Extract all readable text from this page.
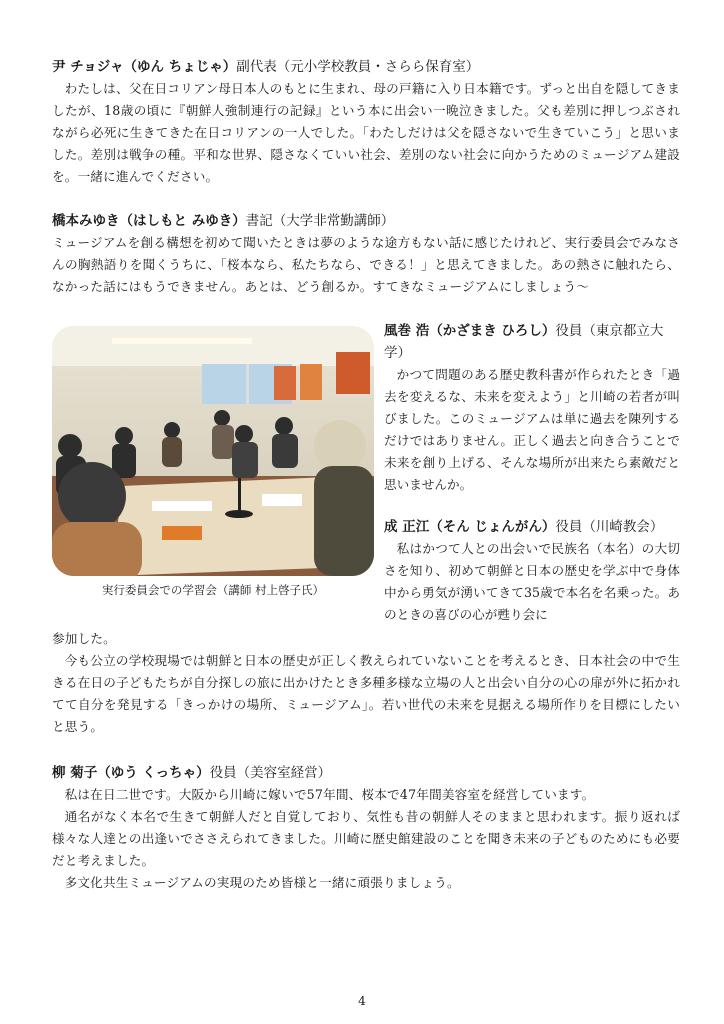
尹 チョジャ（ゆん ちょじゃ）副代表（元小学校教員・さらら保育室）

わたしは、父在日コリアン母日本人のもとに生まれ、母の戸籍に入り日本籍です。ずっと出自を隠してきましたが、18歳の頃に『朝鮮人強制連行の記録』という本に出会い一晩泣きました。父も差別に押しつぶされながら必死に生きてきた在日コリアンの一人でした。「わたしだけは父を隠さないで生きていこう」と思いました。差別は戦争の種。平和な世界、隠さなくていい社会、差別のない社会に向かうためのミュージアム建設を。一緒に進んでください。

橋本みゆき（はしもと みゆき）書記（大学非常勤講師）

ミュージアムを創る構想を初めて聞いたときは夢のような途方もない話に感じたけれど、実行委員会でみなさんの胸熱語りを聞くうちに、「桜本なら、私たちなら、できる！」と思えてきました。あの熱さに触れたら、なかった話にはもうできません。あとは、どう創るか。すてきなミュージアムにしましょう〜

実行委員会での学習会（講師 村上啓子氏）
風巻 浩（かざまき ひろし）役員（東京都立大学）

かつて問題のある歴史教科書が作られたとき「過去を変えるな、未来を変えよう」と川崎の若者が叫びました。このミュージアムは単に過去を陳列するだけではありません。正しく過去と向き合うことで未来を創り上げる、そんな場所が出来たら素敵だと思いませんか。

成 正江（そん じょんがん）役員（川崎教会）

私はかつて人との出会いで民族名（本名）の大切さを知り、初めて朝鮮と日本の歴史を学ぶ中で身体中から勇気が湧いてきて35歳で本名を名乗った。あのときの喜びの心が甦り会に

参加した。

今も公立の学校現場では朝鮮と日本の歴史が正しく教えられていないことを考えるとき、日本社会の中で生きる在日の子どもたちが自分探しの旅に出かけたとき多種多様な立場の人と出会い自分の心の扉が外に拓かれてて自分を発見する「きっかけの場所、ミュージアム」。若い世代の未来を見据える場所作りを目標にしたいと思う。

柳 菊子（ゆう くっちゃ）役員（美容室経営）

私は在日二世です。大阪から川崎に嫁いで57年間、桜本で47年間美容室を経営しています。

通名がなく本名で生きて朝鮮人だと自覚しており、気性も昔の朝鮮人そのままと思われます。振り返れば様々な人達との出逢いでささえられてきました。川崎に歴史館建設のことを聞き未来の子どものためにも必要だと考えました。

多文化共生ミュージアムの実現のため皆様と一緒に頑張りましょう。

4
